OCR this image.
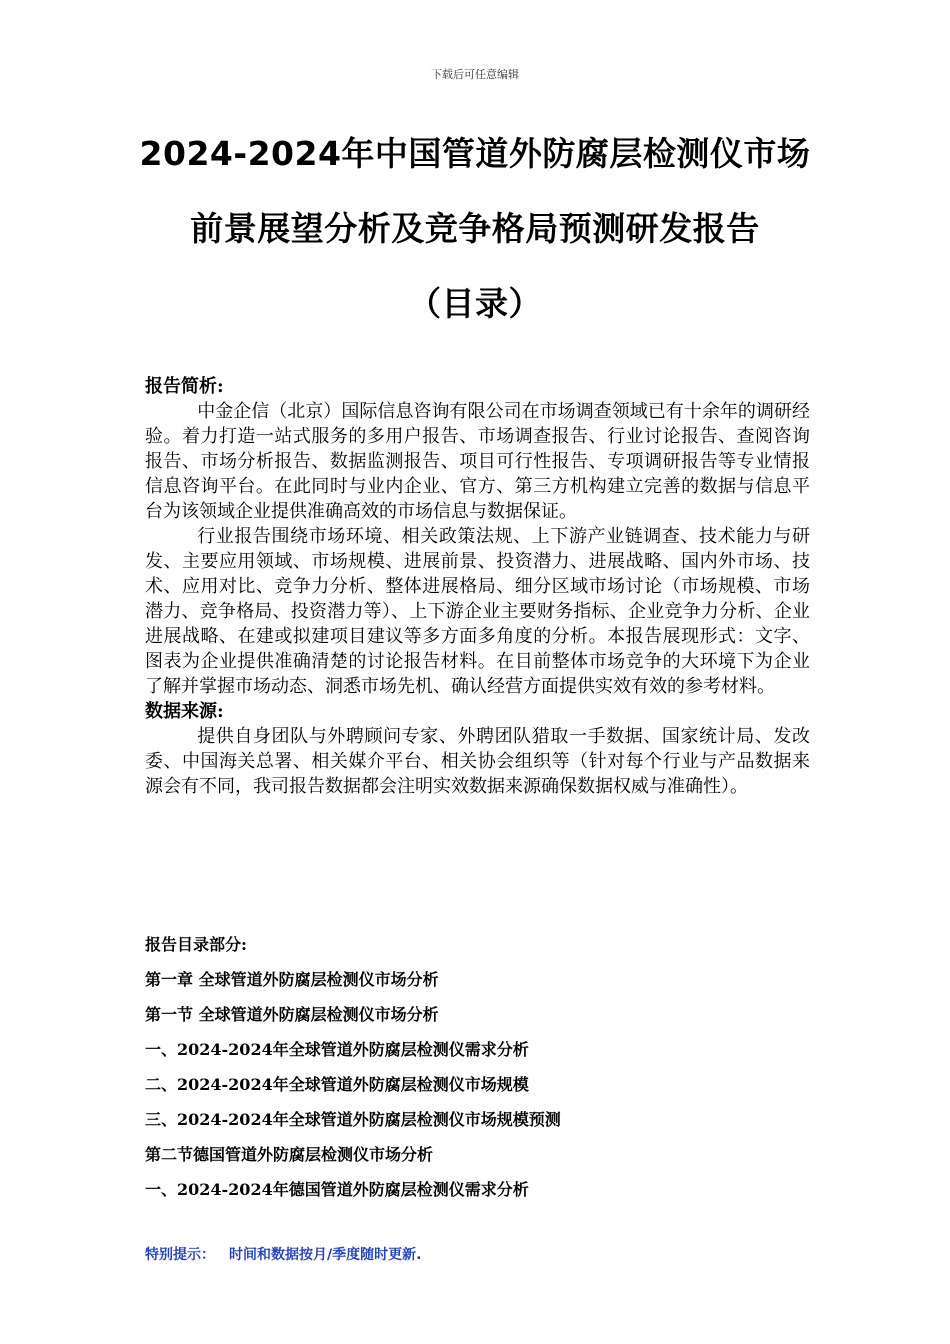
下载后可任意编辑
2024-2024年中国管道外防腐层检测仪市场
前景展望分析及竞争格局预测研发报告
（目录）
报告简析:

中金企信（北京）国际信息咨询有限公司在市场调查领域已有十余年的调研经验。着力打造一站式服务的多用户报告、市场调查报告、行业讨论报告、查阅咨询报告、市场分析报告、数据监测报告、项目可行性报告、专项调研报告等专业情报信息咨询平台。在此同时与业内企业、官方、第三方机构建立完善的数据与信息平台为该领域企业提供准确高效的市场信息与数据保证。

行业报告围绕市场环境、相关政策法规、上下游产业链调查、技术能力与研发、主要应用领域、市场规模、进展前景、投资潜力、进展战略、国内外市场、技术、应用对比、竞争力分析、整体进展格局、细分区域市场讨论（市场规模、市场潜力、竞争格局、投资潜力等）、上下游企业主要财务指标、企业竞争力分析、企业进展战略、在建或拟建项目建议等多方面多角度的分析。本报告展现形式：文字、图表为企业提供准确清楚的讨论报告材料。在目前整体市场竞争的大环境下为企业了解并掌握市场动态、洞悉市场先机、确认经营方面提供实效有效的参考材料。

数据来源:

提供自身团队与外聘顾问专家、外聘团队猎取一手数据、国家统计局、发改委、中国海关总署、相关媒介平台、相关协会组织等（针对每个行业与产品数据来源会有不同，我司报告数据都会注明实效数据来源确保数据权威与准确性）。

报告目录部分:
第一章 全球管道外防腐层检测仪市场分析
第一节 全球管道外防腐层检测仪市场分析
一、2024-2024年全球管道外防腐层检测仪需求分析
二、2024-2024年全球管道外防腐层检测仪市场规模
三、2024-2024年全球管道外防腐层检测仪市场规模预测
第二节德国管道外防腐层检测仪市场分析
一、2024-2024年德国管道外防腐层检测仪需求分析
特别提示： 时间和数据按月/季度随时更新.
